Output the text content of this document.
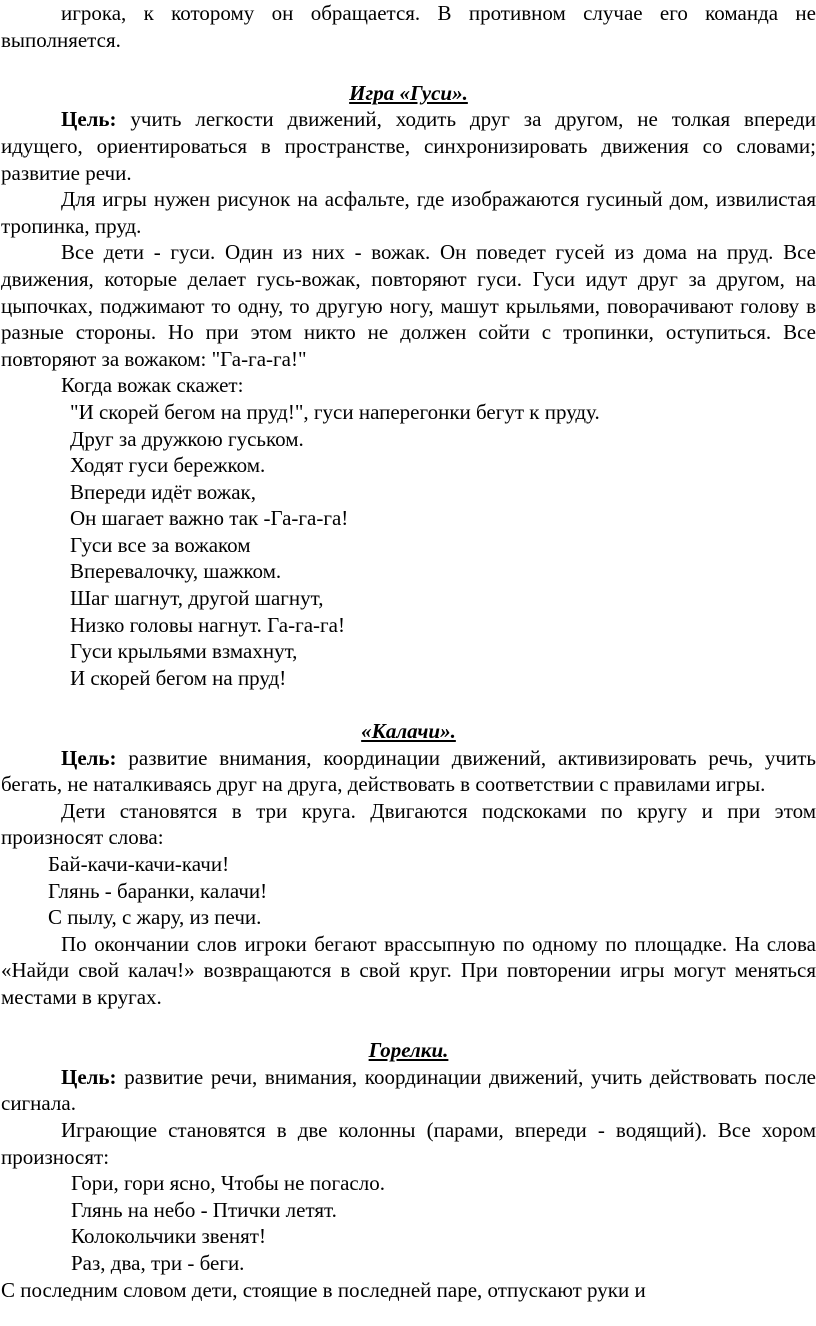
игрока, к которому он обращается. В противном случае его команда не

выполняется.

Игра «Гуси».

Цель: учить легкости движений, ходить друг за другом, не толкая впереди идущего, ориентироваться в пространстве, синхронизировать движения со словами; развитие речи.

Для игры нужен рисунок на асфальте, где изображаются гусиный дом, извилистая тропинка, пруд.

Все дети - гуси. Один из них - вожак. Он поведет гусей из дома на пруд. Все движения, которые делает гусь-вожак, повторяют гуси. Гуси идут друг за другом, на цыпочках, поджимают то одну, то другую ногу, машут крыльями, поворачивают голову в разные стороны. Но при этом никто не должен сойти с тропинки, оступиться. Все повторяют за вожаком: "Га-га-га!"

Когда вожак скажет:

"И скорей бегом на пруд!", гуси наперегонки бегут к пруду.

Друг за дружкою гуськом.

Ходят гуси бережком.

Впереди идёт вожак,

Он шагает важно так -Га-га-га!

Гуси все за вожаком

Вперевалочку, шажком.

Шаг шагнут, другой шагнут,

Низко головы нагнут. Га-га-га!

Гуси крыльями взмахнут,

И скорей бегом на пруд!

«Калачи».

Цель: развитие внимания, координации движений, активизировать речь, учить бегать, не наталкиваясь друг на друга, действовать в соответствии с правилами игры.

Дети становятся в три круга. Двигаются подскоками по кругу и при этом произносят слова:

Бай-качи-качи-качи!

Глянь - баранки, калачи!

С пылу, с жару, из печи.

По окончании слов игроки бегают врассыпную по одному по площадке. На слова «Найди свой калач!» возвращаются в свой круг. При повторении игры могут меняться местами в кругах.

Горелки.

Цель: развитие речи, внимания, координации движений, учить действовать после сигнала.

Играющие становятся в две колонны (парами, впереди - водящий). Все хором произносят:

Гори, гори ясно, Чтобы не погасло.

Глянь на небо - Птички летят.

Колокольчики звенят!

Раз, два, три - беги.

С последним словом дети, стоящие в последней паре, отпускают руки и
